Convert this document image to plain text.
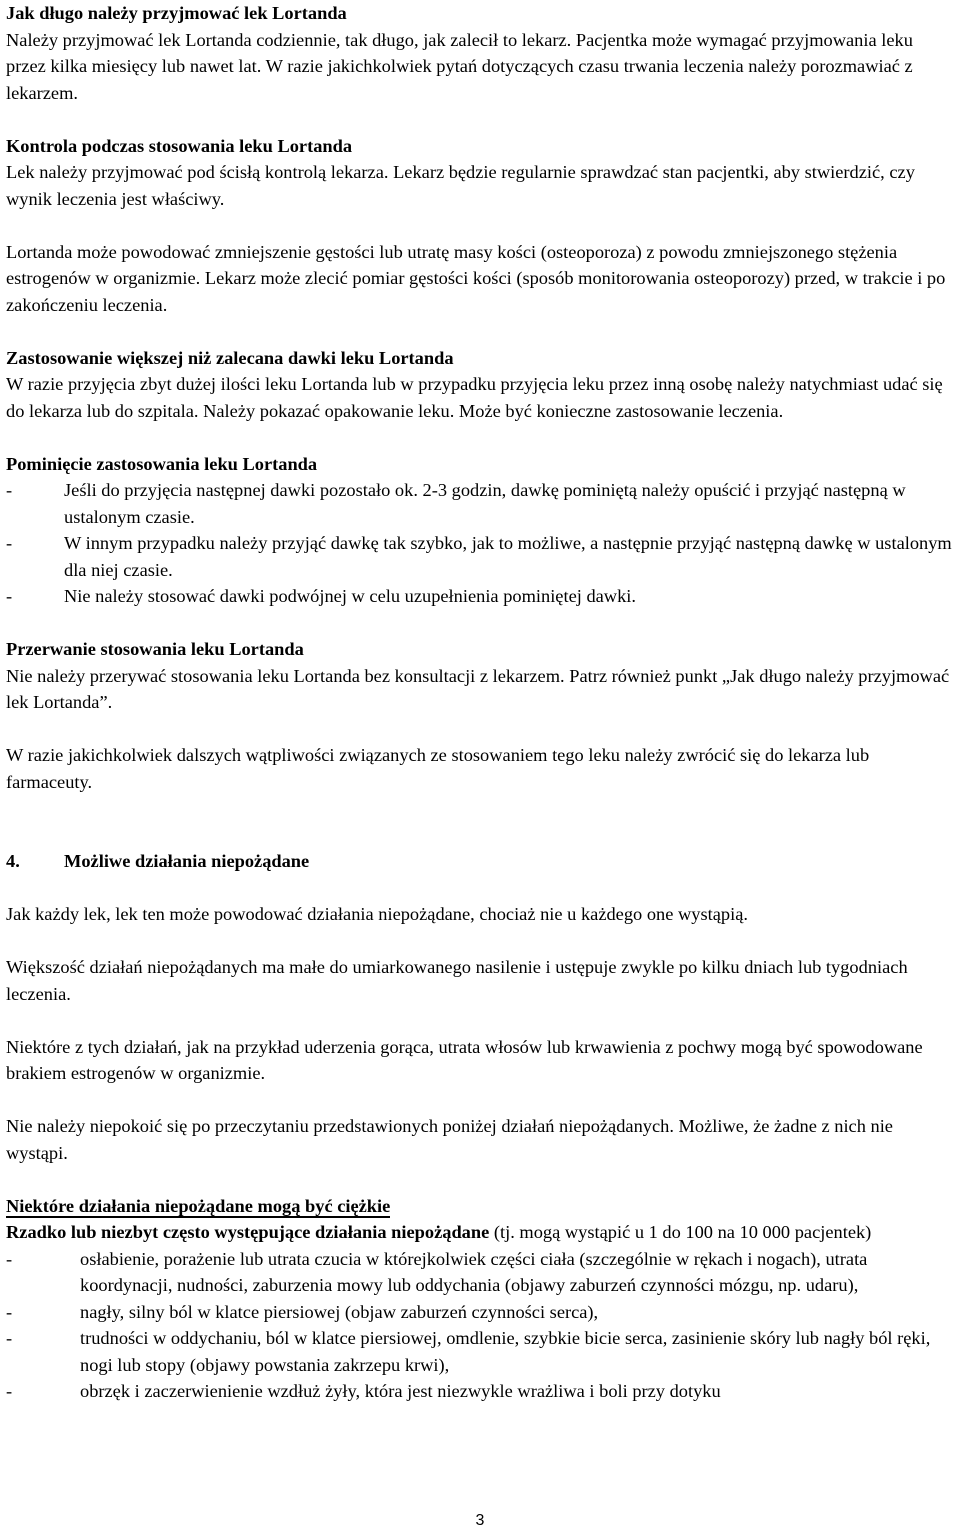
Jak długo należy przyjmować lek Lortanda

Należy przyjmować lek Lortanda codziennie, tak długo, jak zalecił to lekarz. Pacjentka może wymagać przyjmowania leku przez kilka miesięcy lub nawet lat. W razie jakichkolwiek pytań dotyczących czasu trwania leczenia należy porozmawiać z lekarzem.

Kontrola podczas stosowania leku Lortanda

Lek należy przyjmować pod ścisłą kontrolą lekarza. Lekarz będzie regularnie sprawdzać stan pacjentki, aby stwierdzić, czy wynik leczenia jest właściwy.

Lortanda może powodować zmniejszenie gęstości lub utratę masy kości (osteoporoza) z powodu zmniejszonego stężenia estrogenów w organizmie. Lekarz może zlecić pomiar gęstości kości (sposób monitorowania osteoporozy) przed, w trakcie i po zakończeniu leczenia.

Zastosowanie większej niż zalecana dawki leku Lortanda

W razie przyjęcia zbyt dużej ilości leku Lortanda lub w przypadku przyjęcia leku przez inną osobę należy natychmiast udać się do lekarza lub do szpitala. Należy pokazać opakowanie leku. Może być konieczne zastosowanie leczenia.

Pominięcie zastosowania leku Lortanda
-	Jeśli do przyjęcia następnej dawki pozostało ok. 2-3 godzin, dawkę pominiętą należy opuścić i przyjąć następną w ustalonym czasie.
-	W innym przypadku należy przyjąć dawkę tak szybko, jak to możliwe, a następnie przyjąć następną dawkę w ustalonym dla niej czasie.
-	Nie należy stosować dawki podwójnej w celu uzupełnienia pominiętej dawki.
Przerwanie stosowania leku Lortanda

Nie należy przerywać stosowania leku Lortanda bez konsultacji z lekarzem. Patrz również punkt „Jak długo należy przyjmować lek Lortanda”.

W razie jakichkolwiek dalszych wątpliwości związanych ze stosowaniem tego leku należy zwrócić się do lekarza lub farmaceuty.

4.	Możliwe działania niepożądane

Jak każdy lek, lek ten może powodować działania niepożądane, chociaż nie u każdego one wystąpią.

Większość działań niepożądanych ma małe do umiarkowanego nasilenie i ustępuje zwykle po kilku dniach lub tygodniach leczenia.

Niektóre z tych działań, jak na przykład uderzenia gorąca, utrata włosów lub krwawienia z pochwy mogą być spowodowane brakiem estrogenów w organizmie.

Nie należy niepokoić się po przeczytaniu przedstawionych poniżej działań niepożądanych. Możliwe, że żadne z nich nie wystąpi.

Niektóre działania niepożądane mogą być ciężkie

Rzadko lub niezbyt często występujące działania niepożądane (tj. mogą wystąpić u 1 do 100 na 10 000 pacjentek)

-	osłabienie, porażenie lub utrata czucia w którejkolwiek części ciała (szczególnie w rękach i nogach), utrata koordynacji, nudności, zaburzenia mowy lub oddychania (objawy zaburzeń czynności mózgu, np. udaru),
-	nagły, silny ból w klatce piersiowej (objaw zaburzeń czynności serca),
-	trudności w oddychaniu, ból w klatce piersiowej, omdlenie, szybkie bicie serca, zasinienie skóry lub nagły ból ręki, nogi lub stopy (objawy powstania zakrzepu krwi),
-	obrzęk i zaczerwienienie wzdłuż żyły, która jest niezwykle wrażliwa i boli przy dotyku
3
